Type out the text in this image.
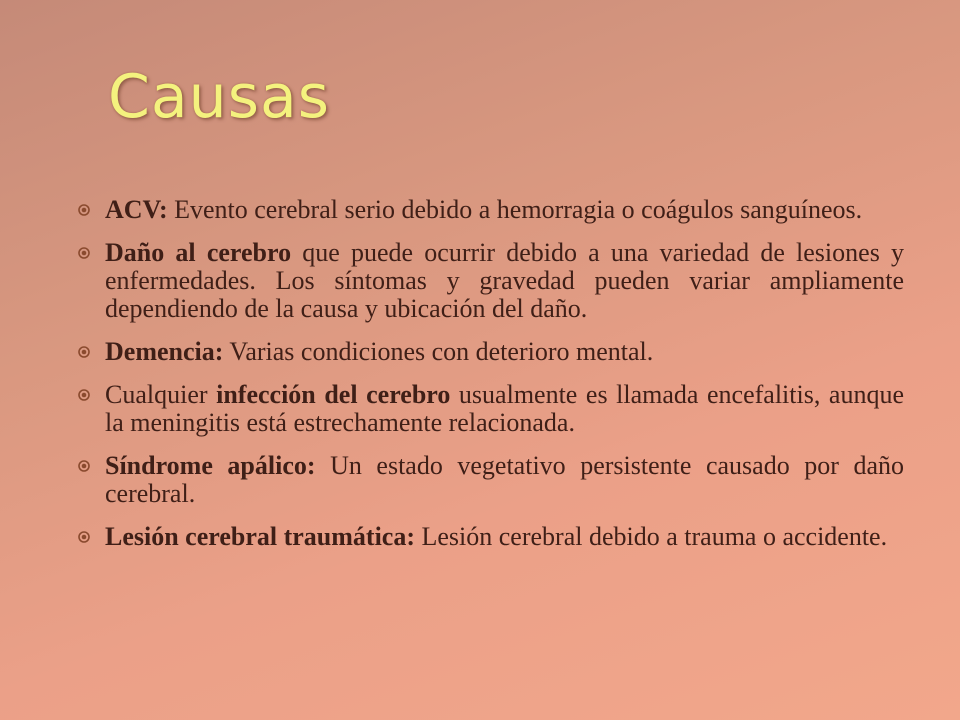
Causas
ACV: Evento cerebral serio debido a hemorragia o coágulos sanguíneos.
Daño al cerebro que puede ocurrir debido a una variedad de lesiones y enfermedades. Los síntomas y gravedad pueden variar ampliamente dependiendo de la causa y ubicación del daño.
Demencia: Varias condiciones con deterioro mental.
Cualquier infección del cerebro usualmente es llamada encefalitis, aunque la meningitis está estrechamente relacionada.
Síndrome apálico: Un estado vegetativo persistente causado por daño cerebral.
Lesión cerebral traumática: Lesión cerebral debido a trauma o accidente.
